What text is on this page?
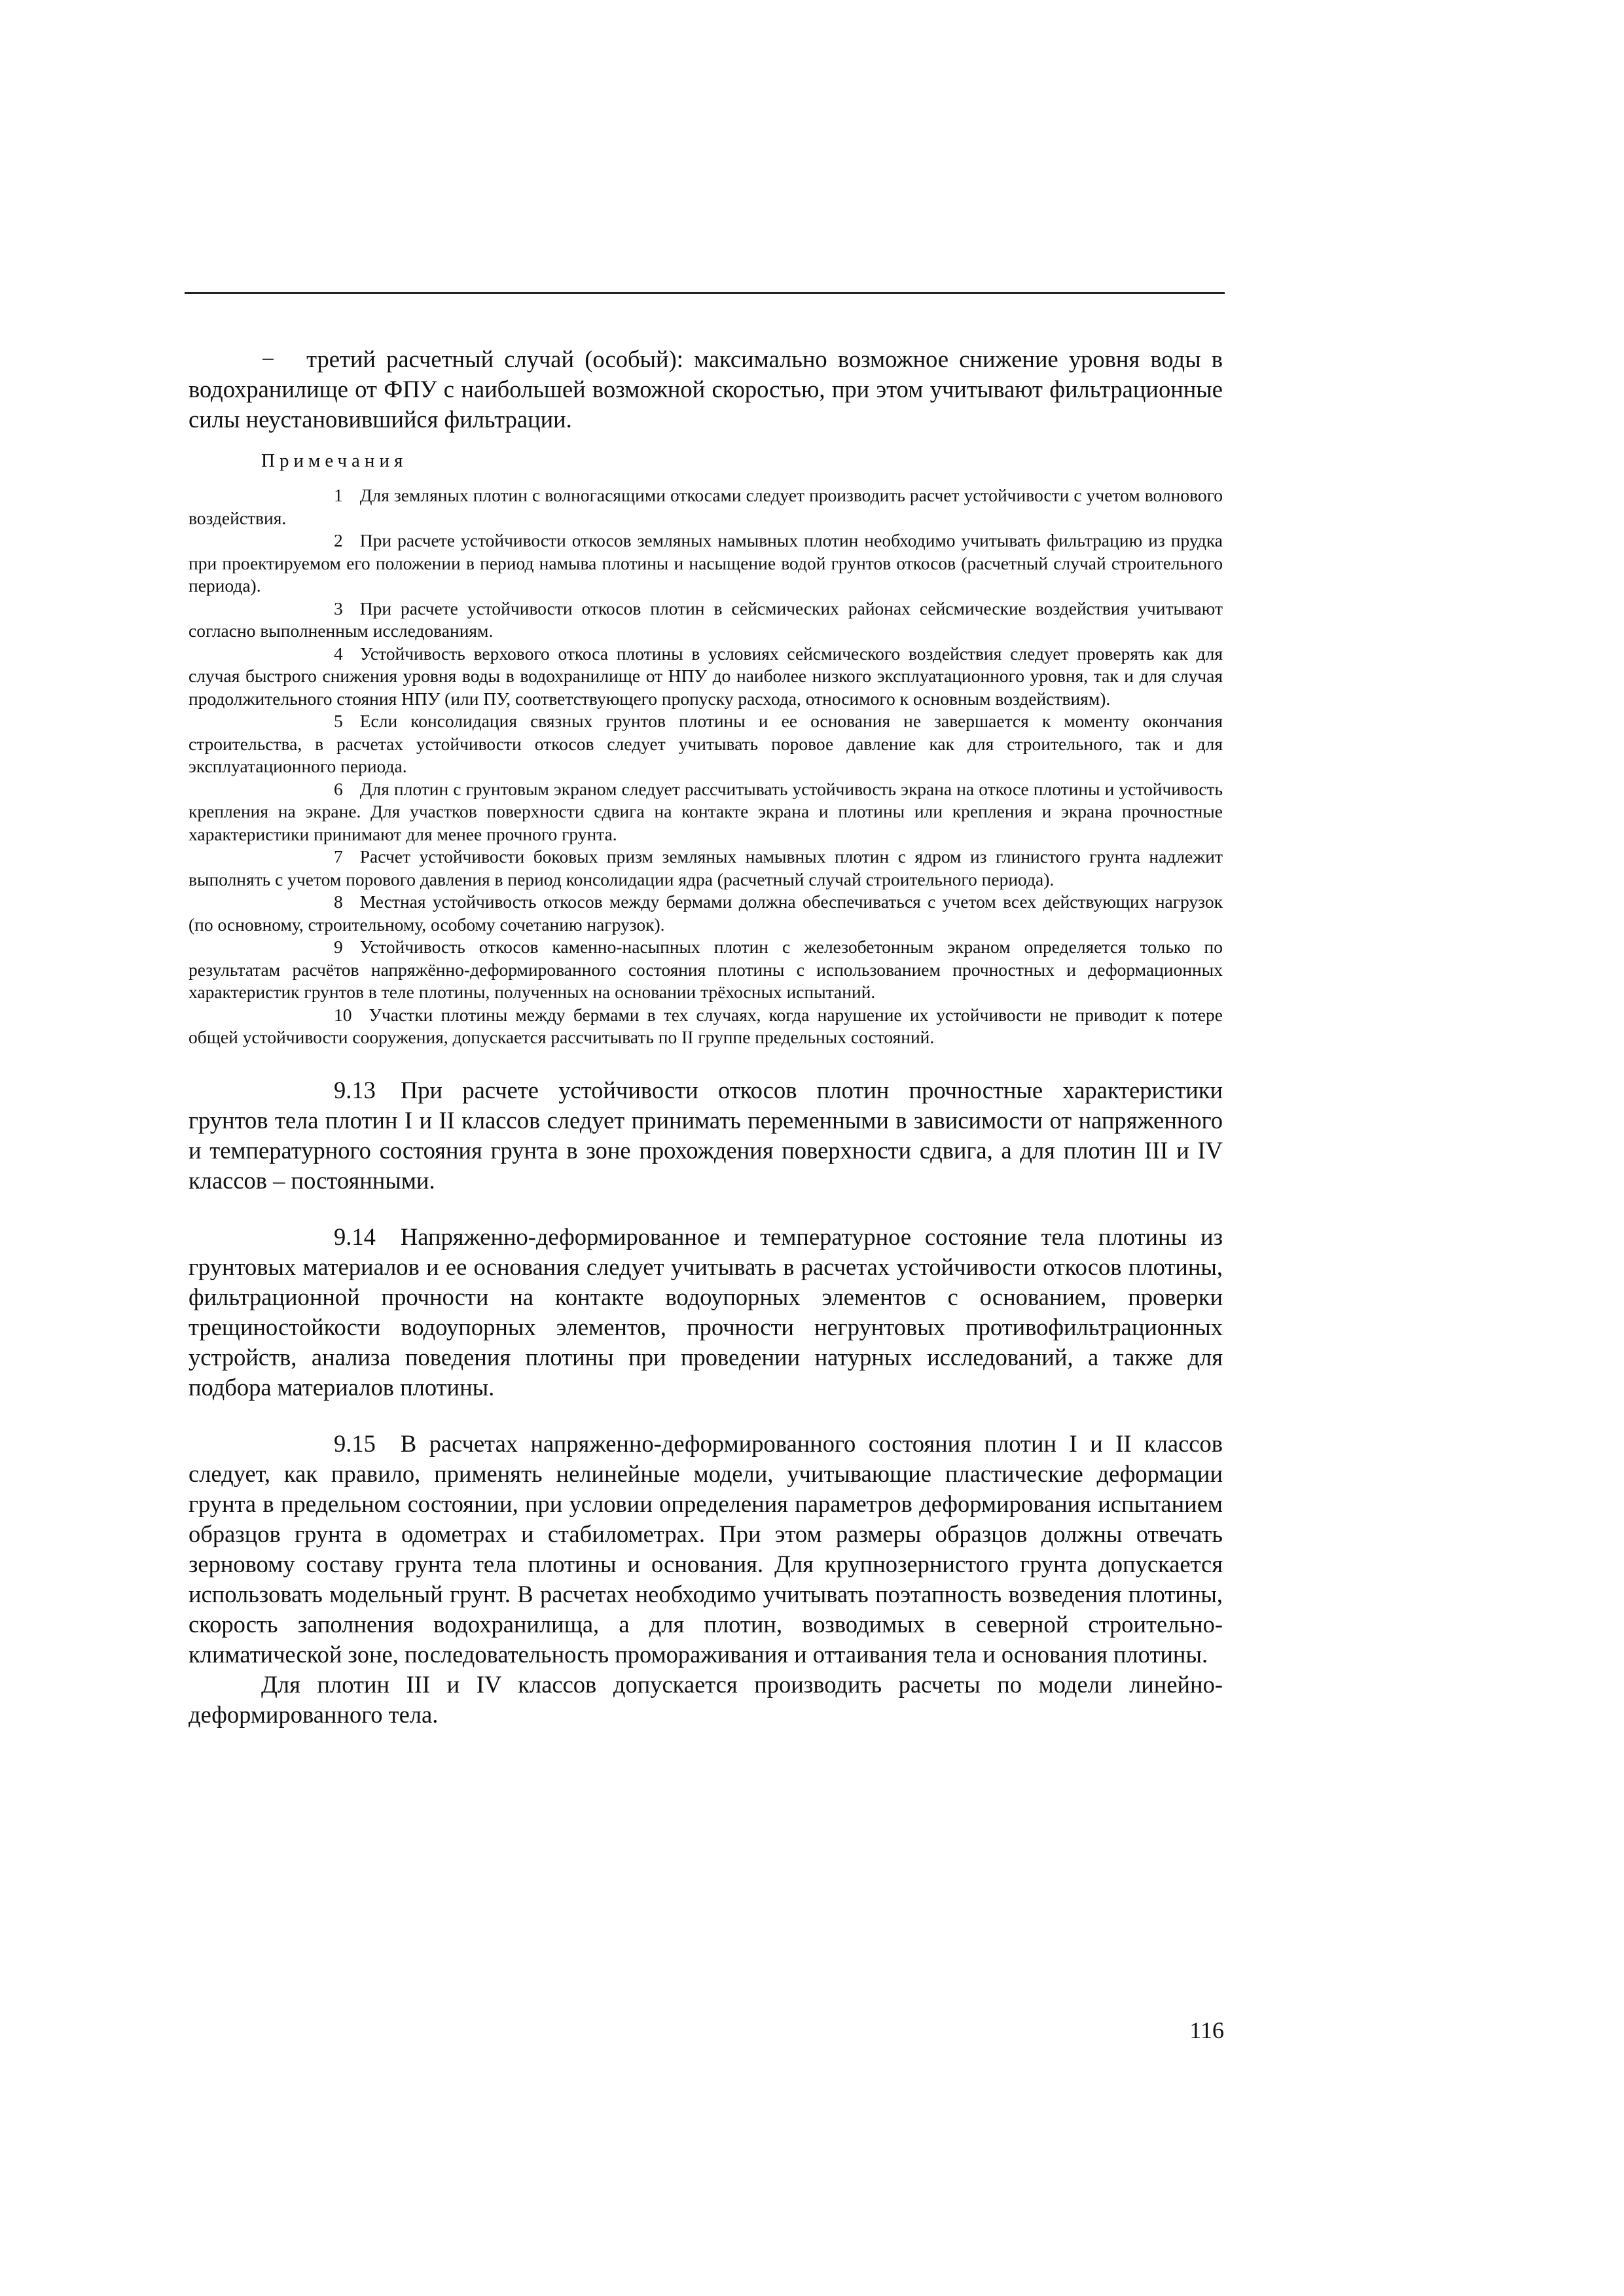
− третий расчетный случай (особый): максимально возможное снижение уровня воды в водохранилище от ФПУ с наибольшей возможной скоростью, при этом учитывают фильтрационные силы неустановившийся фильтрации.

Примечания

1 Для земляных плотин с волногасящими откосами следует производить расчет устойчивости с учетом волнового воздействия.

2 При расчете устойчивости откосов земляных намывных плотин необходимо учитывать фильтрацию из прудка при проектируемом его положении в период намыва плотины и насыщение водой грунтов откосов (расчетный случай строительного периода).

3 При расчете устойчивости откосов плотин в сейсмических районах сейсмические воздействия учитывают согласно выполненным исследованиям.

4 Устойчивость верхового откоса плотины в условиях сейсмического воздействия следует проверять как для случая быстрого снижения уровня воды в водохранилище от НПУ до наиболее низкого эксплуатационного уровня, так и для случая продолжительного стояния НПУ (или ПУ, соответствующего пропуску расхода, относимого к основным воздействиям).

5 Если консолидация связных грунтов плотины и ее основания не завершается к моменту окончания строительства, в расчетах устойчивости откосов следует учитывать поровое давление как для строительного, так и для эксплуатационного периода.

6 Для плотин с грунтовым экраном следует рассчитывать устойчивость экрана на откосе плотины и устойчивость крепления на экране. Для участков поверхности сдвига на контакте экрана и плотины или крепления и экрана прочностные характеристики принимают для менее прочного грунта.

7 Расчет устойчивости боковых призм земляных намывных плотин с ядром из глинистого грунта надлежит выполнять с учетом порового давления в период консолидации ядра (расчетный случай строительного периода).

8 Местная устойчивость откосов между бермами должна обеспечиваться с учетом всех действующих нагрузок (по основному, строительному, особому сочетанию нагрузок).

9 Устойчивость откосов каменно-насыпных плотин с железобетонным экраном определяется только по результатам расчётов напряжённо-деформированного состояния плотины с использованием прочностных и деформационных характеристик грунтов в теле плотины, полученных на основании трёхосных испытаний.

10 Участки плотины между бермами в тех случаях, когда нарушение их устойчивости не приводит к потере общей устойчивости сооружения, допускается рассчитывать по II группе предельных состояний.

9.13 При расчете устойчивости откосов плотин прочностные характеристики грунтов тела плотин I и II классов следует принимать переменными в зависимости от напряженного и температурного состояния грунта в зоне прохождения поверхности сдвига, а для плотин III и IV классов – постоянными.

9.14 Напряженно-деформированное и температурное состояние тела плотины из грунтовых материалов и ее основания следует учитывать в расчетах устойчивости откосов плотины, фильтрационной прочности на контакте водоупорных элементов с основанием, проверки трещиностойкости водоупорных элементов, прочности негрунтовых противофильтрационных устройств, анализа поведения плотины при проведении натурных исследований, а также для подбора материалов плотины.

9.15 В расчетах напряженно-деформированного состояния плотин I и II классов следует, как правило, применять нелинейные модели, учитывающие пластические деформации грунта в предельном состоянии, при условии определения параметров деформирования испытанием образцов грунта в одометрах и стабилометрах. При этом размеры образцов должны отвечать зерновому составу грунта тела плотины и основания. Для крупнозернистого грунта допускается использовать модельный грунт. В расчетах необходимо учитывать поэтапность возведения плотины, скорость заполнения водохранилища, а для плотин, возводимых в северной строительно-климатической зоне, последовательность промораживания и оттаивания тела и основания плотины.

Для плотин III и IV классов допускается производить расчеты по модели линейно-деформированного тела.

116
